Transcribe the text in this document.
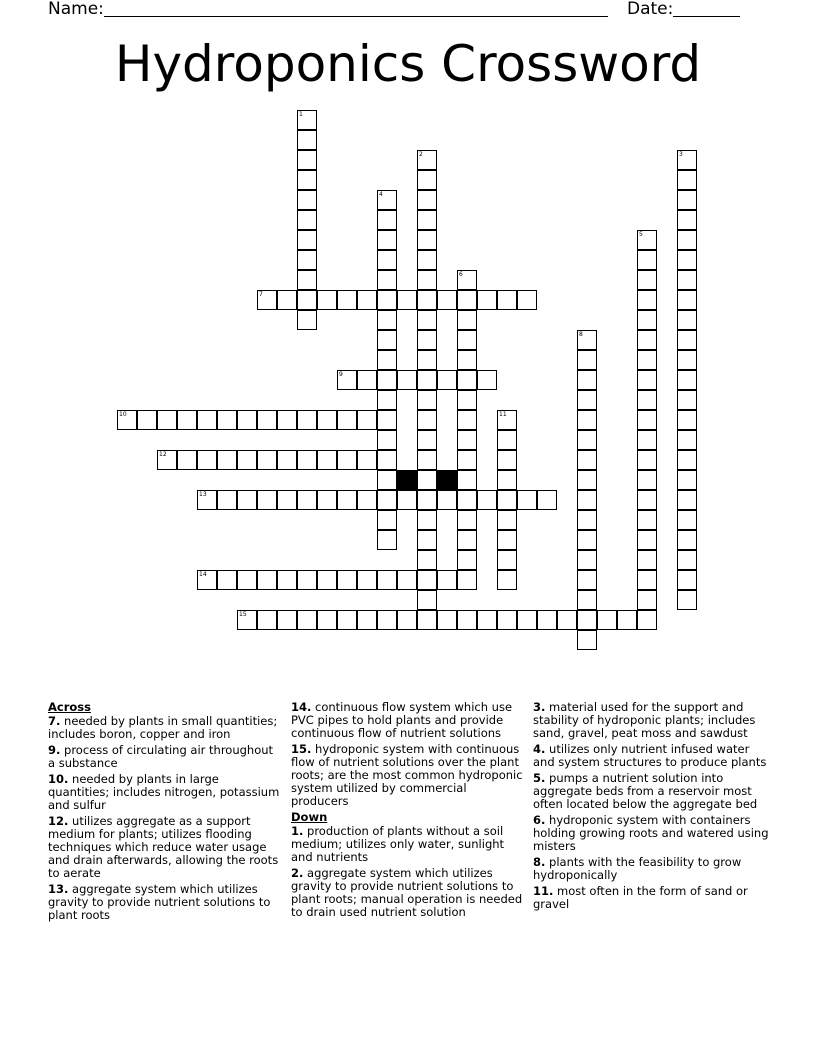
Name:	Date:
Hydroponics Crossword
1
2	3
4
5
6
7
8
9
10	11
12
13
14
15
Across
7. needed by plants in small quantities; includes boron, copper and iron
9. process of circulating air throughout a substance
10. needed by plants in large quantities; includes nitrogen, potassium and sulfur
12. utilizes aggregate as a support medium for plants; utilizes flooding techniques which reduce water usage and drain afterwards, allowing the roots to aerate
13. aggregate system which utilizes gravity to provide nutrient solutions to plant roots
14. continuous flow system which use PVC pipes to hold plants and provide continuous flow of nutrient solutions
15. hydroponic system with continuous flow of nutrient solutions over the plant roots; are the most common hydroponic system utilized by commercial producers
Down
1. production of plants without a soil medium; utilizes only water, sunlight and nutrients
2. aggregate system which utilizes gravity to provide nutrient solutions to plant roots; manual operation is needed to drain used nutrient solution
3. material used for the support and stability of hydroponic plants; includes sand, gravel, peat moss and sawdust
4. utilizes only nutrient infused water and system structures to produce plants
5. pumps a nutrient solution into aggregate beds from a reservoir most often located below the aggregate bed
6. hydroponic system with containers holding growing roots and watered using misters
8. plants with the feasibility to grow hydroponically
11. most often in the form of sand or gravel
